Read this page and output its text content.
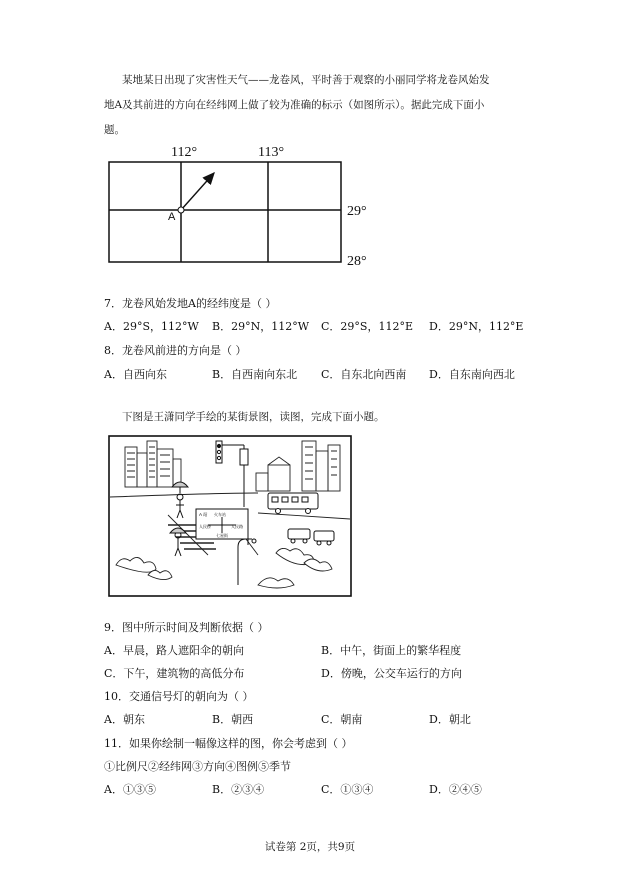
某地某日出现了灾害性天气——龙卷风，平时善于观察的小丽同学将龙卷风始发
地A及其前进的方向在经纬网上做了较为准确的标示（如图所示）。据此完成下面小
题。
112°	113°
29°
28°
A
7．龙卷风始发地A的经纬度是（ ）
A．29°S，112°W B．29°N，112°W C．29°S，112°E D．29°N，112°E
8．龙卷风前进的方向是（ ）
A．自西向东	B．自西南向东北 C．自东北向西南 D．自东南向西北
下图是王潇同学手绘的某街景图，读图，完成下面小题。
A 站 火车站
人民桥	人民路
七星街
9．图中所示时间及判断依据（ ）
A．早晨，路人遮阳伞的朝向	B．中午，街面上的繁华程度
C．下午，建筑物的高低分布	D．傍晚，公交车运行的方向
10．交通信号灯的朝向为（ ）
A．朝东	B．朝西	C．朝南	D．朝北
11．如果你绘制一幅像这样的图，你会考虑到（ ）
①比例尺②经纬网③方向④图例⑤季节
A．①③⑤	B．②③④	C．①③④	D．②④⑤
试卷第 2页，共9页
